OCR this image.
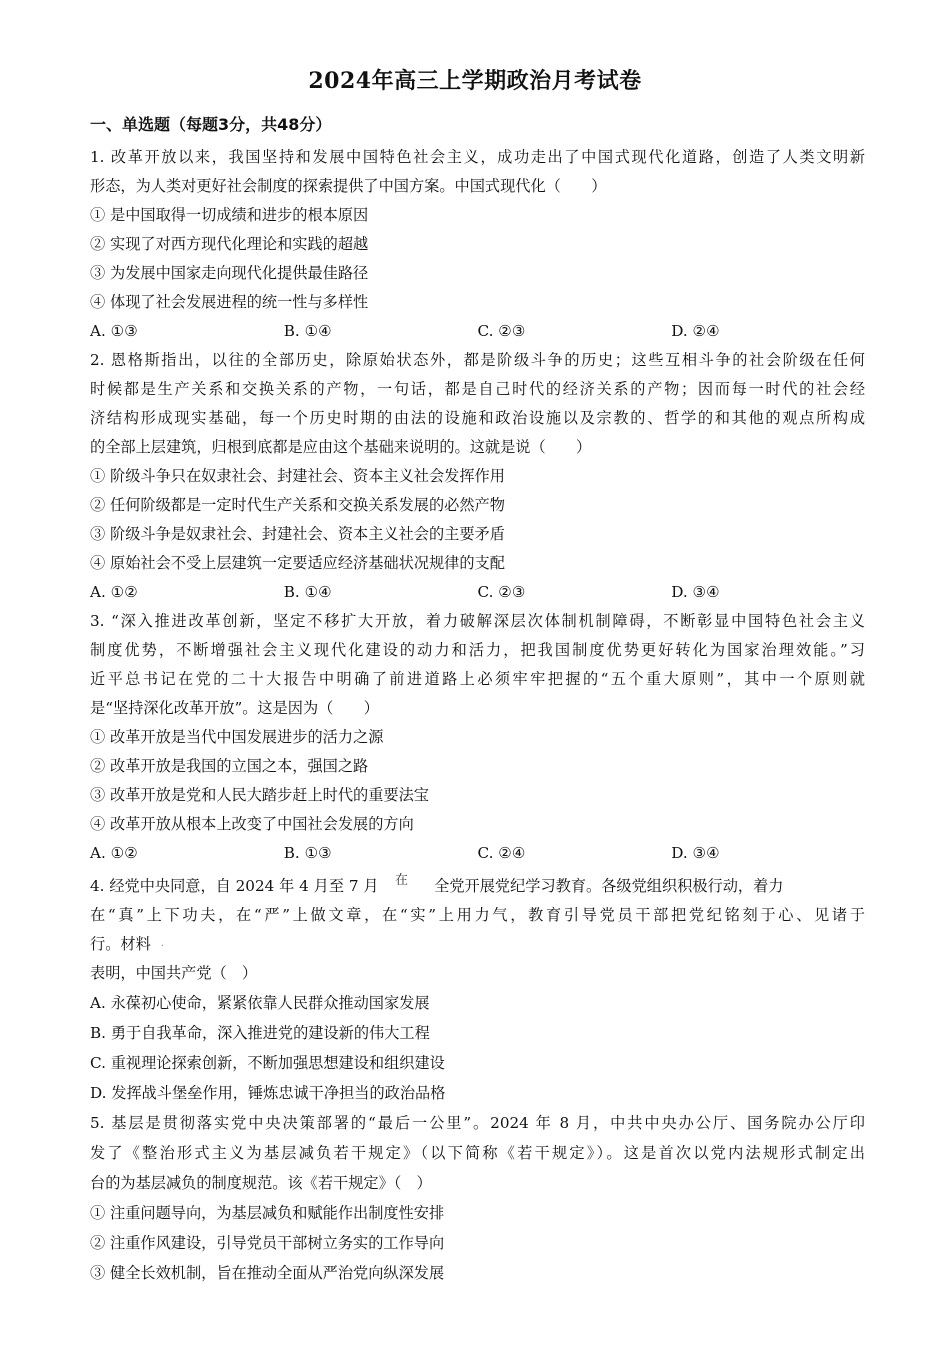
2024年高三上学期政治月考试卷
一、单选题（每题3分，共48分）
1. 改革开放以来，我国坚持和发展中国特色社会主义，成功走出了中国式现代化道路，创造了人类文明新
形态，为人类对更好社会制度的探索提供了中国方案。中国式现代化（　　）
① 是中国取得一切成绩和进步的根本原因
② 实现了对西方现代化理论和实践的超越
③ 为发展中国家走向现代化提供最佳路径
④ 体现了社会发展进程的统一性与多样性
A. ①③	B. ①④	C. ②③	D. ②④
2. 恩格斯指出，以往的全部历史，除原始状态外，都是阶级斗争的历史；这些互相斗争的社会阶级在任何
时候都是生产关系和交换关系的产物，一句话，都是自己时代的经济关系的产物；因而每一时代的社会经
济结构形成现实基础，每一个历史时期的由法的设施和政治设施以及宗教的、哲学的和其他的观点所构成
的全部上层建筑，归根到底都是应由这个基础来说明的。这就是说（　　）
① 阶级斗争只在奴隶社会、封建社会、资本主义社会发挥作用
② 任何阶级都是一定时代生产关系和交换关系发展的必然产物
③ 阶级斗争是奴隶社会、封建社会、资本主义社会的主要矛盾
④ 原始社会不受上层建筑一定要适应经济基础状况规律的支配
A. ①②	B. ①④	C. ②③	D. ③④
3. “深入推进改革创新，坚定不移扩大开放，着力破解深层次体制机制障碍，不断彰显中国特色社会主义
制度优势，不断增强社会主义现代化建设的动力和活力，把我国制度优势更好转化为国家治理效能。”习
近平总书记在党的二十大报告中明确了前进道路上必须牢牢把握的“五个重大原则”，其中一个原则就
是“坚持深化改革开放”。这是因为（　　）
① 改革开放是当代中国发展进步的活力之源
② 改革开放是我国的立国之本，强国之路
③ 改革开放是党和人民大踏步赶上时代的重要法宝
④ 改革开放从根本上改变了中国社会发展的方向
A. ①②	B. ①③	C. ②④	D. ③④
4. 经党中央同意，自 2024 年 4 月至 7 月 在 全党开展党纪学习教育。各级党组织积极行动，着力
在“真”上下功夫，在“严”上做文章，在“实”上用力气，教育引导党员干部把党纪铭刻于心、见诸于
行。材料 ·
表明，中国共产党（　）
A. 永葆初心使命，紧紧依靠人民群众推动国家发展
B. 勇于自我革命，深入推进党的建设新的伟大工程
C. 重视理论探索创新，不断加强思想建设和组织建设
D. 发挥战斗堡垒作用，锤炼忠诚干净担当的政治品格
5. 基层是贯彻落实党中央决策部署的“最后一公里”。2024 年 8 月，中共中央办公厅、国务院办公厅印
发了《整治形式主义为基层减负若干规定》（以下简称《若干规定》）。这是首次以党内法规形式制定出
台的为基层减负的制度规范。该《若干规定》（　）
① 注重问题导向，为基层减负和赋能作出制度性安排
② 注重作风建设，引导党员干部树立务实的工作导向
③ 健全长效机制，旨在推动全面从严治党向纵深发展
